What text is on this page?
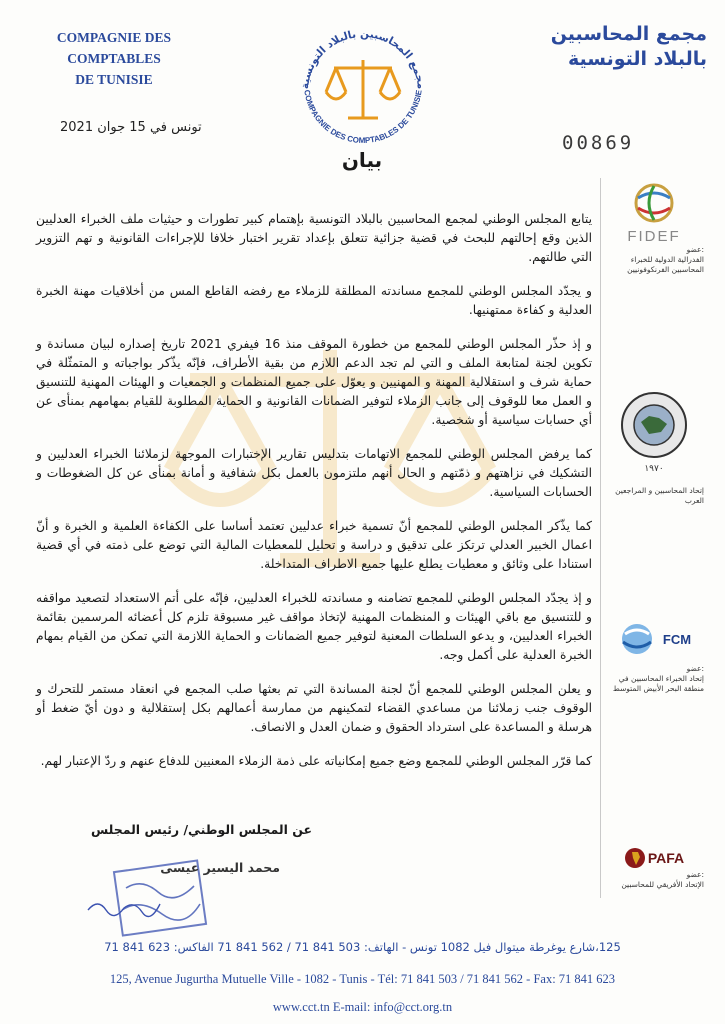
COMPAGNIE DES COMPTABLES
DE TUNISIE	مجمع المحاسبين بالبلاد التونسية
COMPAGNIE DES COMPTABLES DE TUNISIE
مجمع المحاسبين
بالبلاد التونسية
تونس في 15 جوان 2021
00869
بيان
FIDEF
عضو:
الفدرالية الدولية للخبراء المحاسبين الفرنكوفونيين
١٩٧٠
إتحاد المحاسبين و المراجعين العرب
FCM
عضو:
إتحاد الخبراء المحاسبين في منطقة البحر الأبيض المتوسط
PAFA
عضو:
الإتحاد الأفريقي للمحاسبين

يتابع المجلس الوطني لمجمع المحاسبين بالبلاد التونسية بإهتمام كبير تطورات و حيثيات ملف الخبراء العدليين الذين وقع إحالتهم للبحث في قضية جزائية تتعلق بإعداد تقرير اختبار خلافا للإجراءات القانونية و تهم التزوير التي طالتهم.

و يجدّد المجلس الوطني للمجمع مساندته المطلقة للزملاء مع رفضه القاطع المس من أخلاقيات مهنة الخبرة العدلية و كفاءة ممتهنيها.

و إذ حذّر المجلس الوطني للمجمع من خطورة الموقف منذ 16 فيفري 2021 تاريخ إصداره لبيان مساندة و تكوين لجنة لمتابعة الملف و التي لم تجد الدعم اللازم من بقية الأطراف، فإنّه يذّكر بواجباته و المتمثّلة في حماية شرف و استقلالية المهنة و المهنيين و يعوّل على جميع المنظمات و الجمعيات و الهيئات المهنية للتنسيق و العمل معا للوقوف إلى جانب الزملاء لتوفير الضمانات القانونية و الحماية المطلوبة للقيام بمهامهم بمنأى عن أي حسابات سياسية أو شخصية.

كما يرفض المجلس الوطني للمجمع الاتهامات بتدليس تقارير الإختبارات الموجهة لزملائنا الخبراء العدليين و التشكيك في نزاهتهم و ذمّتهم و الحال أنهم ملتزمون بالعمل بكل شفافية و أمانة بمنأى عن كل الضغوطات و الحسابات السياسية.

كما يذّكر المجلس الوطني للمجمع أنّ تسمية خبراء عدليين تعتمد أساسا على الكفاءة العلمية و الخبرة و أنّ اعمال الخبير العدلي ترتكز على تدقيق و دراسة و تحليل للمعطيات المالية التي توضع على ذمته في أي قضية استنادا على وثائق و معطيات يطلع عليها جميع الاطراف المتداخلة.

و إذ يجدّد المجلس الوطني للمجمع تضامنه و مساندته للخبراء العدليين، فإنّه على أتم الاستعداد لتصعيد مواقفه و للتنسيق مع باقي الهيئات و المنظمات المهنية لإتخاذ مواقف غير مسبوقة تلزم كل أعضائه المرسمين بقائمة الخبراء العدليين، و يدعو السلطات المعنية لتوفير جميع الضمانات و الحماية اللازمة التي تمكن من القيام بمهام الخبرة العدلية على أكمل وجه.

و يعلن المجلس الوطني للمجمع أنّ لجنة المساندة التي تم بعثها صلب المجمع في انعقاد مستمر للتحرك و الوقوف جنب زملائنا من مساعدي القضاء لتمكينهم من ممارسة أعمالهم بكل إستقلالية و دون أيّ ضغط أو هرسلة و المساعدة على استرداد الحقوق و ضمان العدل و الانصاف.

كما قرّر المجلس الوطني للمجمع وضع جميع إمكانياته على ذمة الزملاء المعنيين للدفاع عنهم و ردّ الإعتبار لهم.

عن المجلس الوطني/ رئيس المجلس
محمد اليسير عيسى
125،شارع يوغرطة ميتوال فيل 1082 تونس - الهاتف: 503 841 71 / 562 841 71 الفاكس: 623 841 71
125, Avenue Jugurtha Mutuelle Ville - 1082 - Tunis - Tél: 71 841 503 / 71 841 562 - Fax: 71 841 623
www.cct.tn E-mail: info@cct.org.tn
